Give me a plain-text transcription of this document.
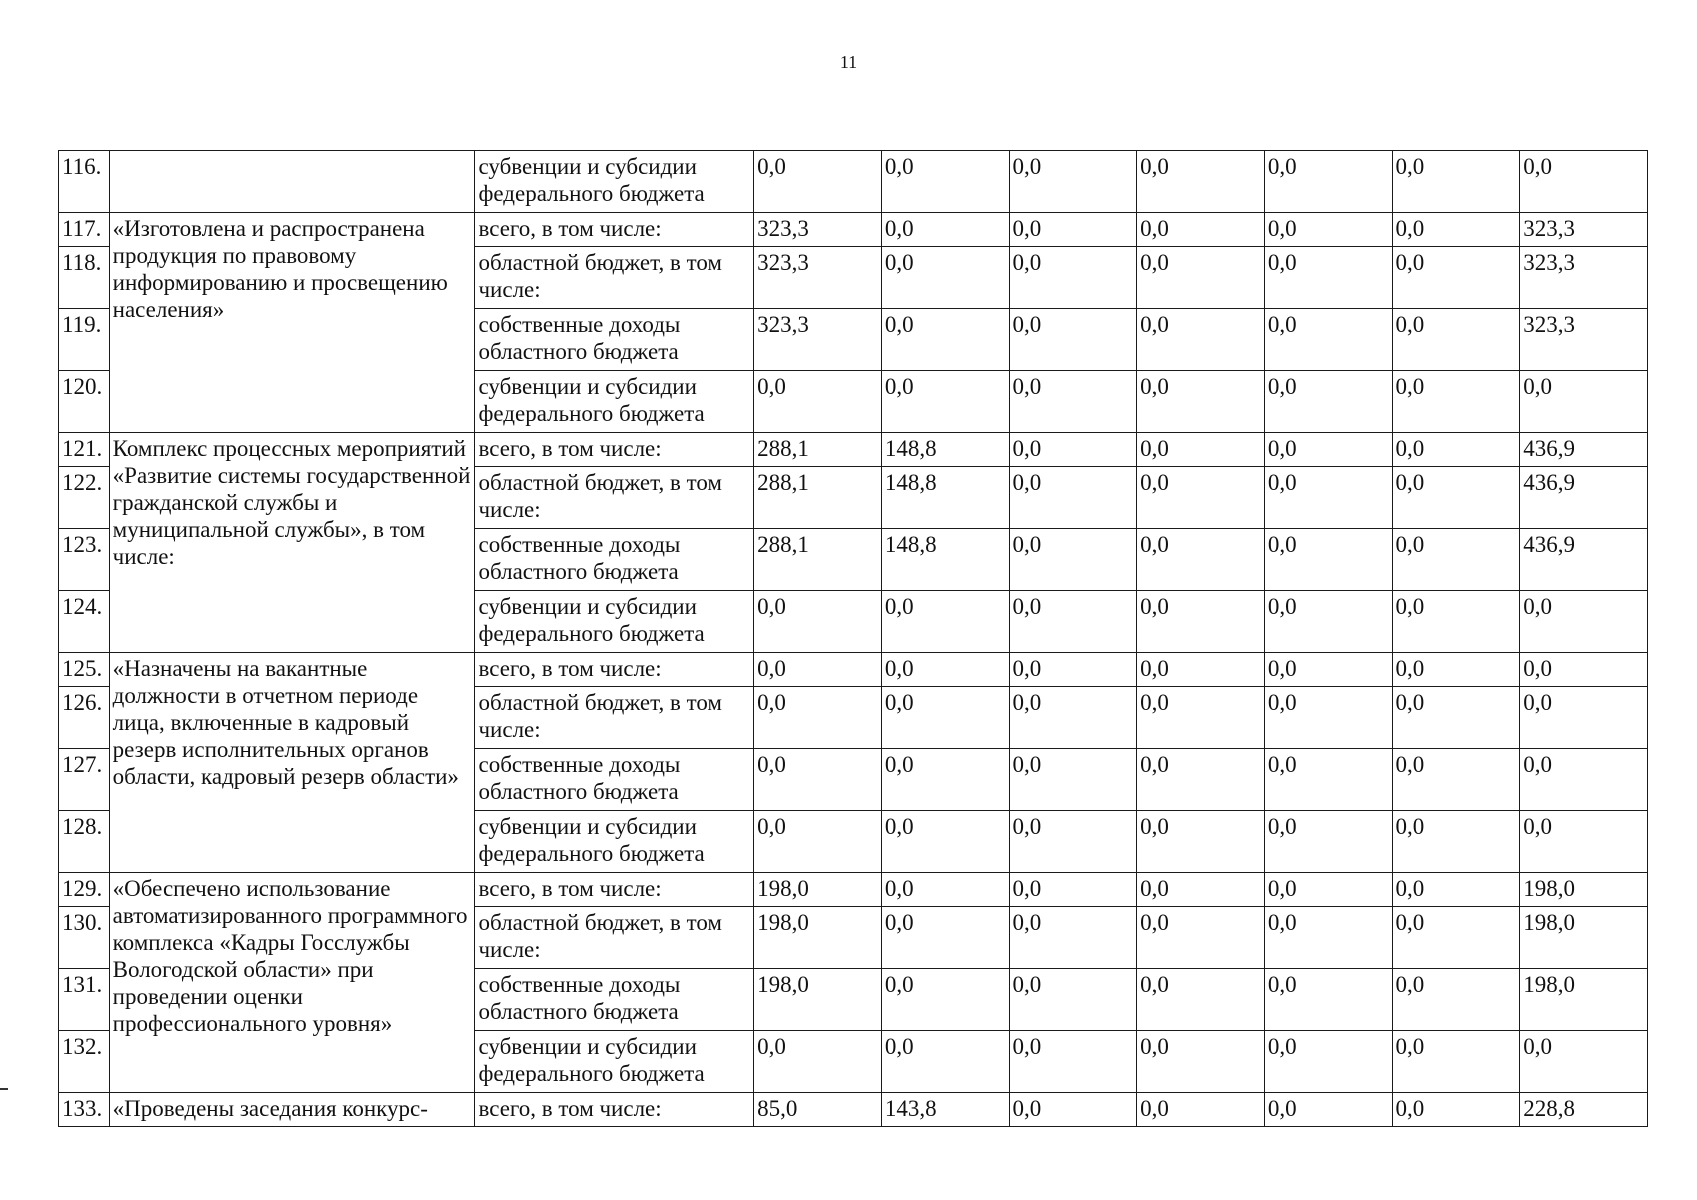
11
116.		субвенции и субсидии федерального бюджета	0,0	0,0	0,0	0,0	0,0	0,0	0,0
117.	«Изготовлена и распространена продукция по правовому информированию и просвещению населения»	всего, в том числе:	323,3	0,0	0,0	0,0	0,0	0,0	323,3
118.		областной бюджет, в том числе:	323,3	0,0	0,0	0,0	0,0	0,0	323,3
119.		собственные доходы областного бюджета	323,3	0,0	0,0	0,0	0,0	0,0	323,3
120.		субвенции и субсидии федерального бюджета	0,0	0,0	0,0	0,0	0,0	0,0	0,0
121.	Комплекс процессных мероприятий «Развитие системы государственной гражданской службы и муниципальной службы», в том числе:	всего, в том числе:	288,1	148,8	0,0	0,0	0,0	0,0	436,9
122.		областной бюджет, в том числе:	288,1	148,8	0,0	0,0	0,0	0,0	436,9
123.		собственные доходы областного бюджета	288,1	148,8	0,0	0,0	0,0	0,0	436,9
124.		субвенции и субсидии федерального бюджета	0,0	0,0	0,0	0,0	0,0	0,0	0,0
125.	«Назначены на вакантные должности в отчетном периоде лица, включенные в кадровый резерв исполнительных органов области, кадровый резерв области»	всего, в том числе:	0,0	0,0	0,0	0,0	0,0	0,0	0,0
126.		областной бюджет, в том числе:	0,0	0,0	0,0	0,0	0,0	0,0	0,0
127.		собственные доходы областного бюджета	0,0	0,0	0,0	0,0	0,0	0,0	0,0
128.		субвенции и субсидии федерального бюджета	0,0	0,0	0,0	0,0	0,0	0,0	0,0
129.	«Обеспечено использование автоматизированного программного комплекса «Кадры Госслужбы Вологодской области» при проведении оценки профессионального уровня»	всего, в том числе:	198,0	0,0	0,0	0,0	0,0	0,0	198,0
130.		областной бюджет, в том числе:	198,0	0,0	0,0	0,0	0,0	0,0	198,0
131.		собственные доходы областного бюджета	198,0	0,0	0,0	0,0	0,0	0,0	198,0
132.		субвенции и субсидии федерального бюджета	0,0	0,0	0,0	0,0	0,0	0,0	0,0
133.	«Проведены заседания конкурс-	всего, в том числе:	85,0	143,8	0,0	0,0	0,0	0,0	228,8
